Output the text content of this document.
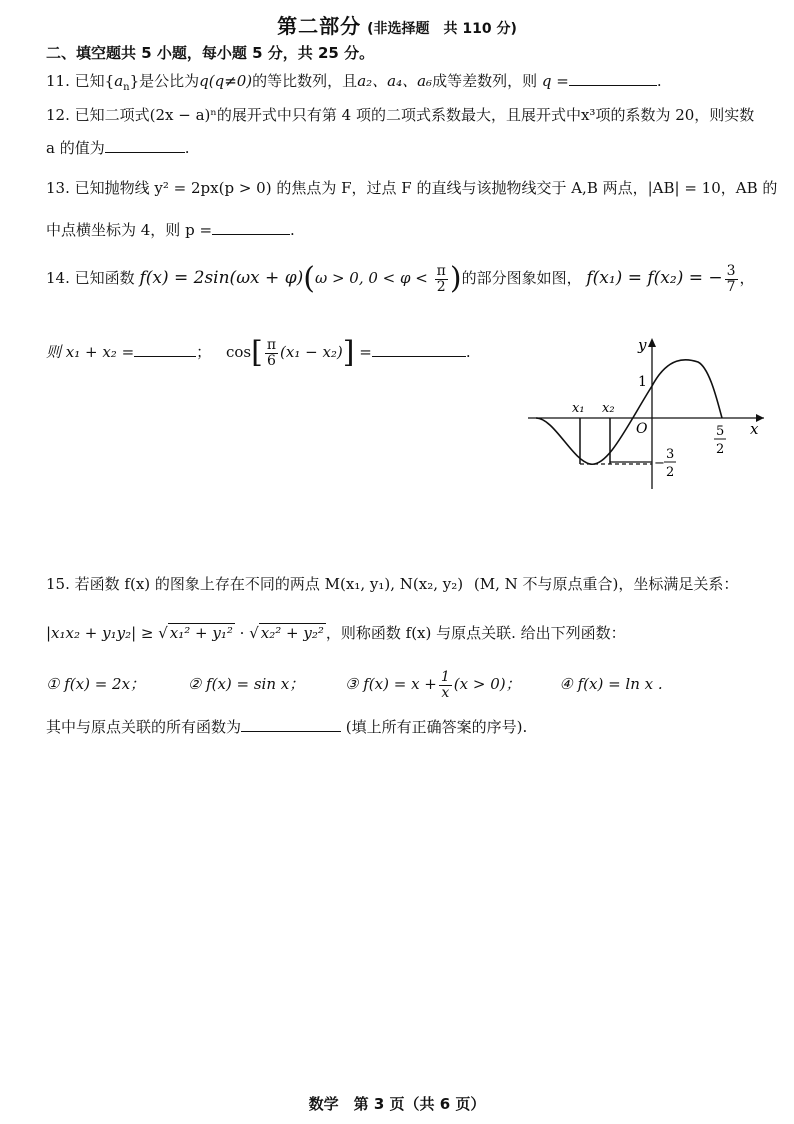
第二部分 (非选择题　共 110 分)
二、填空题共 5 小题，每小题 5 分，共 25 分。
11. 已知$\{a_n\}$是公比为q(q≠0)的等比数列，且a₂、a₄、a₆成等差数列，则 q =	.
12. 已知二项式(2x − a)ⁿ的展开式中只有第 4 项的二项式系数最大，且展开式中x³项的系数为 20，则实数
a 的值为	.
13. 已知抛物线 y² = 2px(p > 0) 的焦点为 F，过点 F 的直线与该抛物线交于 A,B 两点，|AB| = 10，AB 的
中点横坐标为 4，则 p =	.
14. 已知函数 f(x) = 2sin(ωx + φ)(ω > 0, $0 < \varphi < \frac{\pi}{2}$ )的部分图象如图， f(x₁) = f(x₂) = − $\frac{3}{7}$ ，
则 x₁ + x₂ =	； $\cos[ \frac{\pi}{6} (x_1 - x_2)]$ =	.	y
x
1
x₁ x₂
O	5
2
−
3
2
15. 若函数 f(x) 的图象上存在不同的两点 M(x₁, y₁), N(x₂, y₂) (M, N 不与原点重合)，坐标满足关系：
|x₁x₂ + y₁y₂| ≥ √ x₁² + y₁² · √ x₂² + y₂² ，则称函数 f(x) 与原点关联. 给出下列函数：
① f(x) = 2x；	② f(x) = sin x；	③ $f(x) = x + \frac{1}{x} (x > 0)$；	④ f(x) = ln x .
其中与原点关联的所有函数为	(填上所有正确答案的序号).
数学　第 3 页（共 6 页）
